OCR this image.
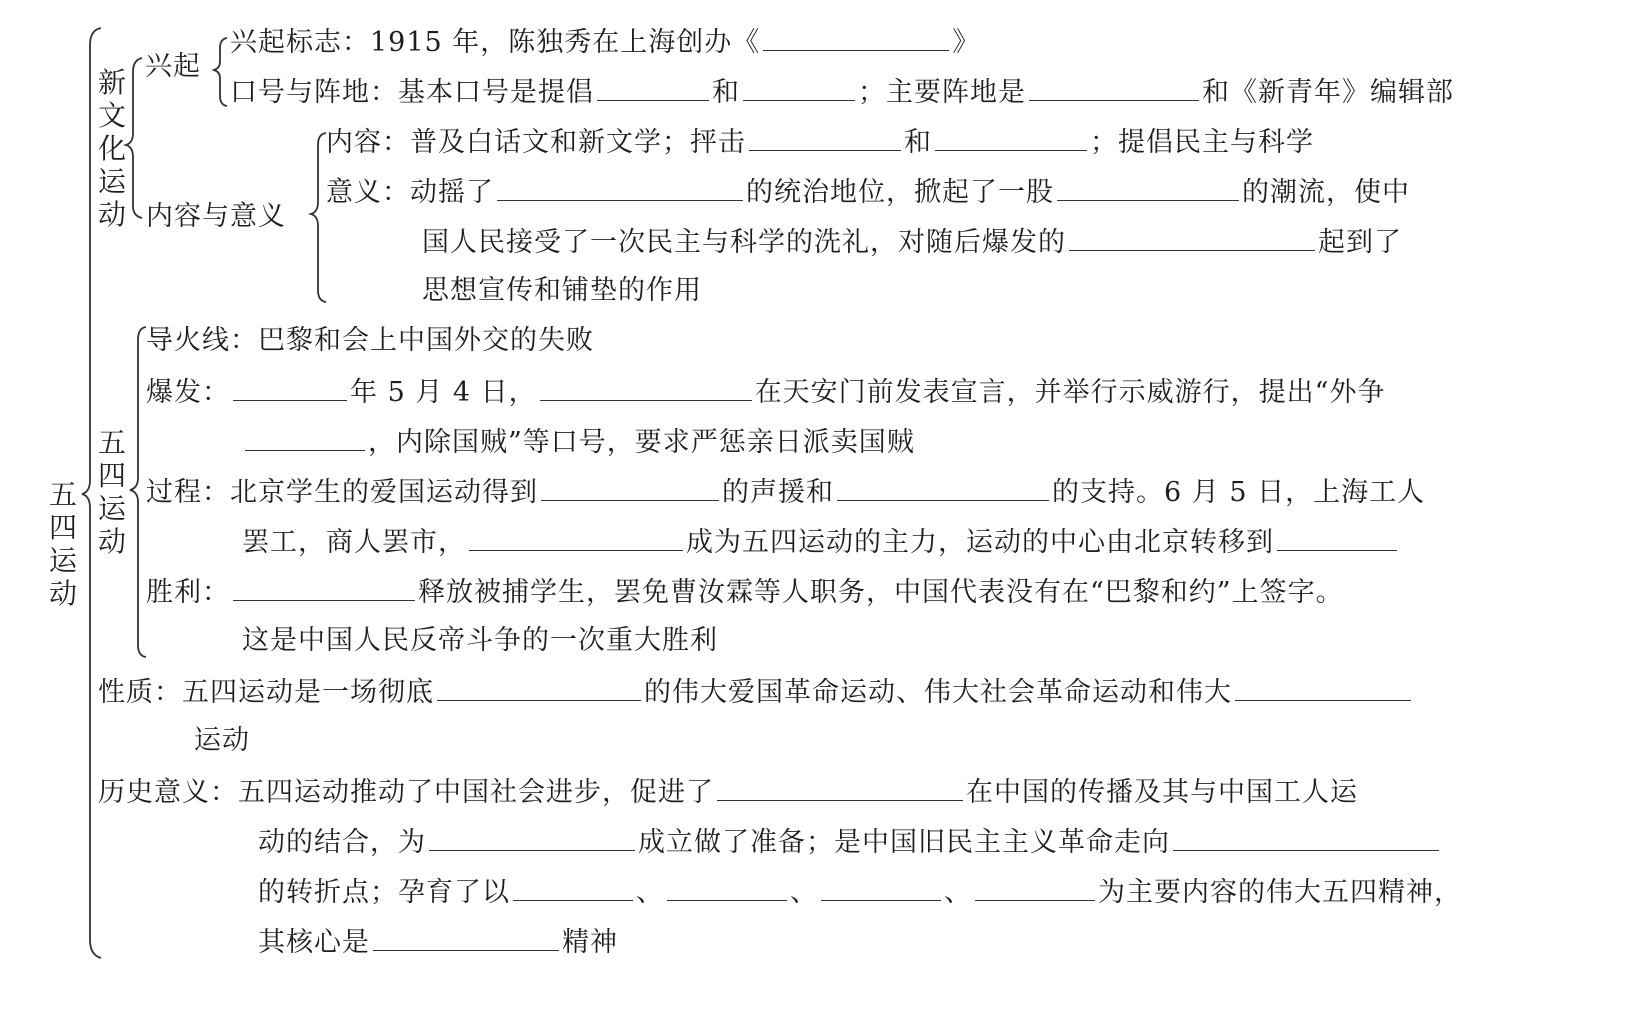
五四运动
新文化运动
五四运动
兴起
兴起标志：1915 年，陈独秀在上海创办《	》
口号与阵地：基本口号是提倡	和	；主要阵地是	和《新青年》编辑部
内容与意义
内容：普及白话文和新文学；抨击	和	；提倡民主与科学
意义：动摇了	的统治地位，掀起了一股	的潮流，使中
国人民接受了一次民主与科学的洗礼，对随后爆发的	起到了
思想宣传和铺垫的作用
导火线：巴黎和会上中国外交的失败
爆发：	年 5 月 4 日，	在天安门前发表宣言，并举行示威游行，提出“外争
，内除国贼”等口号，要求严惩亲日派卖国贼
过程：北京学生的爱国运动得到	的声援和	的支持。6 月 5 日，上海工人
罢工，商人罢市，	成为五四运动的主力，运动的中心由北京转移到
胜利：	释放被捕学生，罢免曹汝霖等人职务，中国代表没有在“巴黎和约”上签字。
这是中国人民反帝斗争的一次重大胜利
性质：五四运动是一场彻底	的伟大爱国革命运动、伟大社会革命运动和伟大
运动
历史意义：五四运动推动了中国社会进步，促进了	在中国的传播及其与中国工人运
动的结合，为	成立做了准备；是中国旧民主主义革命走向
的转折点；孕育了以	、	、	、	为主要内容的伟大五四精神，
其核心是	精神
